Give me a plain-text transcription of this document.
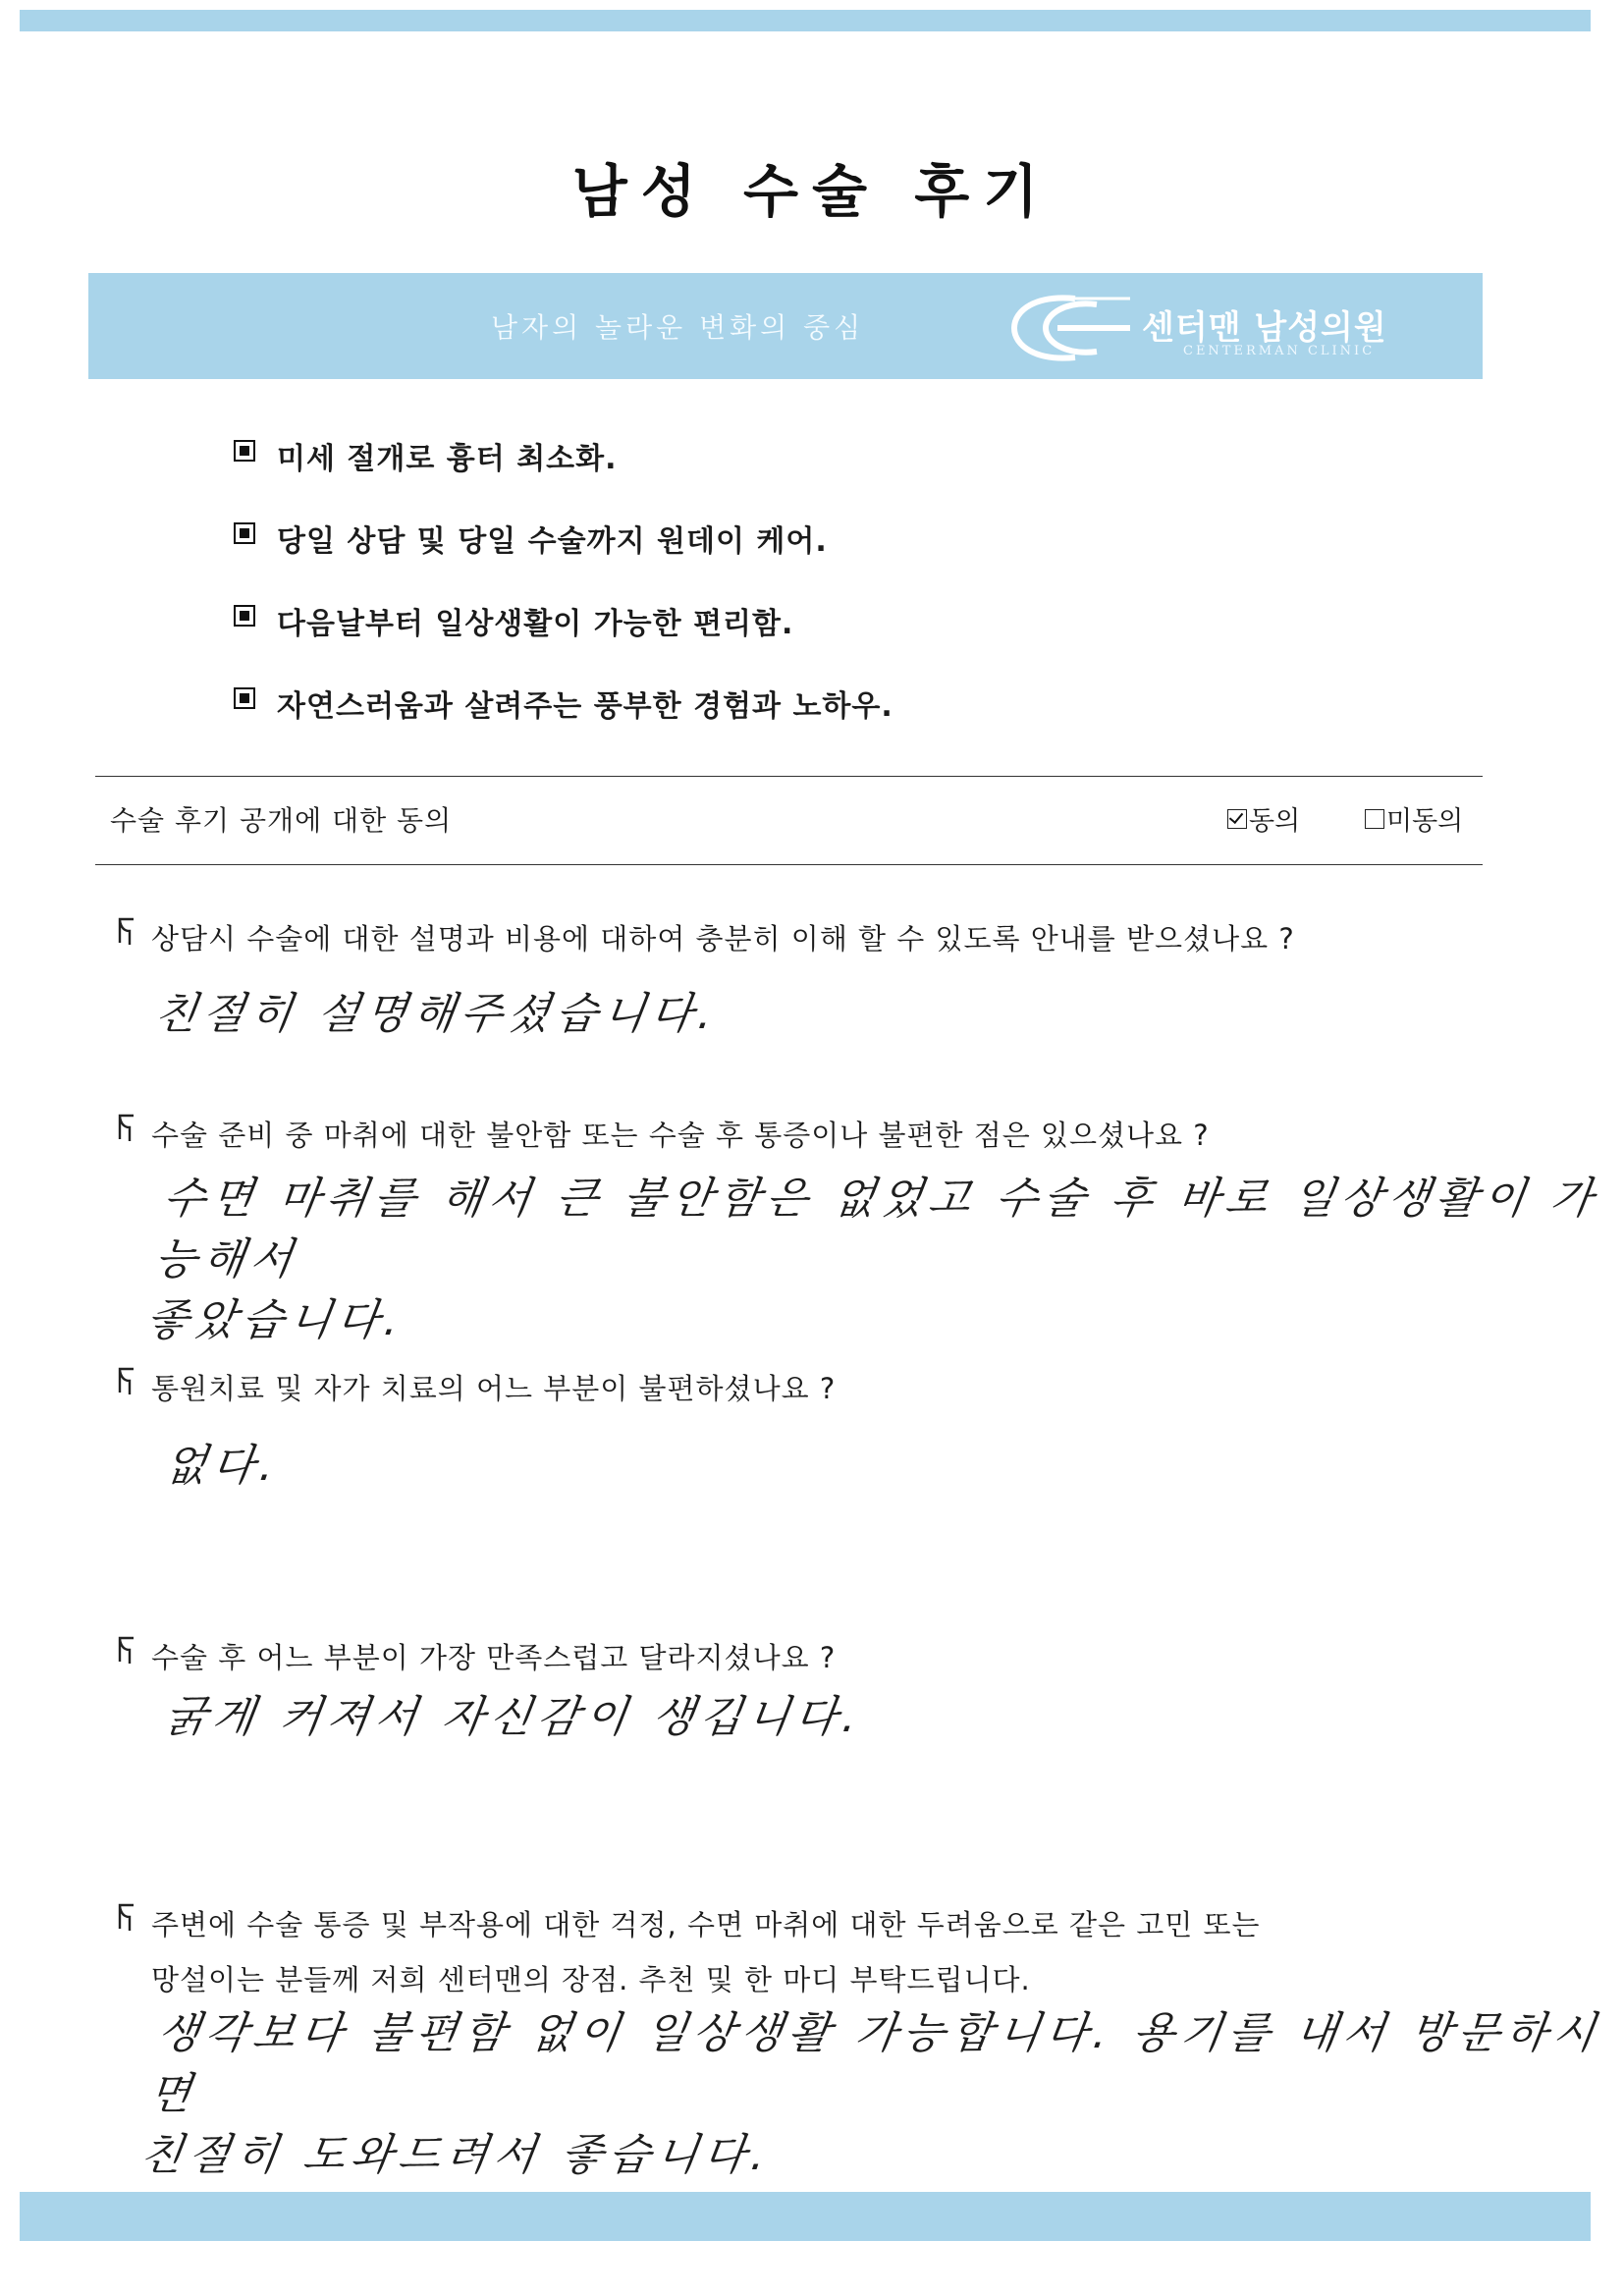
남성 수술 후기
남자의 놀라운 변화의 중심	센터맨 남성의원
CENTERMAN CLINIC
미세 절개로 흉터 최소화.
당일 상담 및 당일 수술까지 원데이 케어.
다음날부터 일상생활이 가능한 편리함.
자연스러움과 살려주는 풍부한 경험과 노하우.
수술 후기 공개에 대한 동의	동의	미동의
상담시 수술에 대한 설명과 비용에 대하여 충분히 이해 할 수 있도록 안내를 받으셨나요 ?
친절히 설명해주셨습니다.
수술 준비 중 마취에 대한 불안함 또는 수술 후 통증이나 불편한 점은 있으셨나요 ?
수면 마취를 해서 큰 불안함은 없었고 수술 후 바로 일상생활이 가능해서
좋았습니다.
통원치료 및 자가 치료의 어느 부분이 불편하셨나요 ?
없다.
수술 후 어느 부분이 가장 만족스럽고 달라지셨나요 ?
굵게 커져서 자신감이 생깁니다.
주변에 수술 통증 및 부작용에 대한 걱정, 수면 마취에 대한 두려움으로 같은 고민 또는
망설이는 분들께 저희 센터맨의 장점. 추천 및 한 마디 부탁드립니다.
생각보다 불편함 없이 일상생활 가능합니다. 용기를 내서 방문하시면
친절히 도와드려서 좋습니다.
